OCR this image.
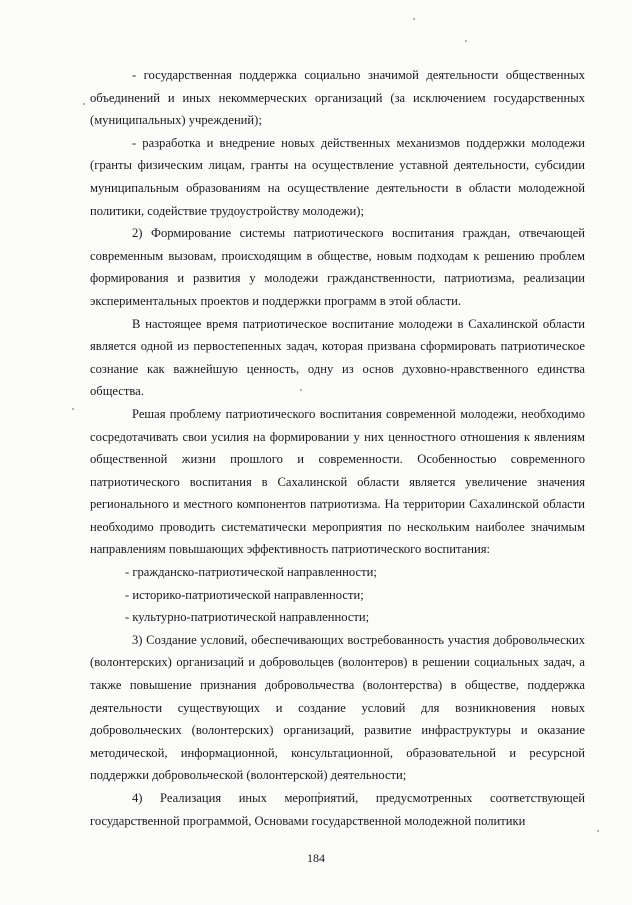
- государственная поддержка социально значимой деятельности общественных объединений и иных некоммерческих организаций (за исключением государственных (муниципальных) учреждений);

- разработка и внедрение новых действенных механизмов поддержки молодежи (гранты физическим лицам, гранты на осуществление уставной деятельности, субсидии муниципальным образованиям на осуществление деятельности в области молодежной политики, содействие трудоустройству молодежи);

2) Формирование системы патриотического воспитания граждан, отвечающей современным вызовам, происходящим в обществе, новым подходам к решению проблем формирования и развития у молодежи гражданственности, патриотизма, реализации экспериментальных проектов и поддержки программ в этой области.

В настоящее время патриотическое воспитание молодежи в Сахалинской области является одной из первостепенных задач, которая призвана сформировать патриотическое сознание как важнейшую ценность, одну из основ духовно-нравственного единства общества.

Решая проблему патриотического воспитания современной молодежи, необходимо сосредотачивать свои усилия на формировании у них ценностного отношения к явлениям общественной жизни прошлого и современности. Особенностью современного патриотического воспитания в Сахалинской области является увеличение значения регионального и местного компонентов патриотизма. На территории Сахалинской области необходимо проводить систематически мероприятия по нескольким наиболее значимым направлениям повышающих эффективность патриотического воспитания:

- гражданско-патриотической направленности;

- историко-патриотической направленности;

- культурно-патриотической направленности;

3) Создание условий, обеспечивающих востребованность участия добровольческих (волонтерских) организаций и добровольцев (волонтеров) в решении социальных задач, а также повышение признания добровольчества (волонтерства) в обществе, поддержка деятельности существующих и создание условий для возникновения новых добровольческих (волонтерских) организаций, развитие инфраструктуры и оказание методической, информационной, консультационной, образовательной и ресурсной поддержки добровольческой (волонтерской) деятельности;

4) Реализация иных мероприятий, предусмотренных соответствующей государственной программой, Основами государственной молодежной политики

184
